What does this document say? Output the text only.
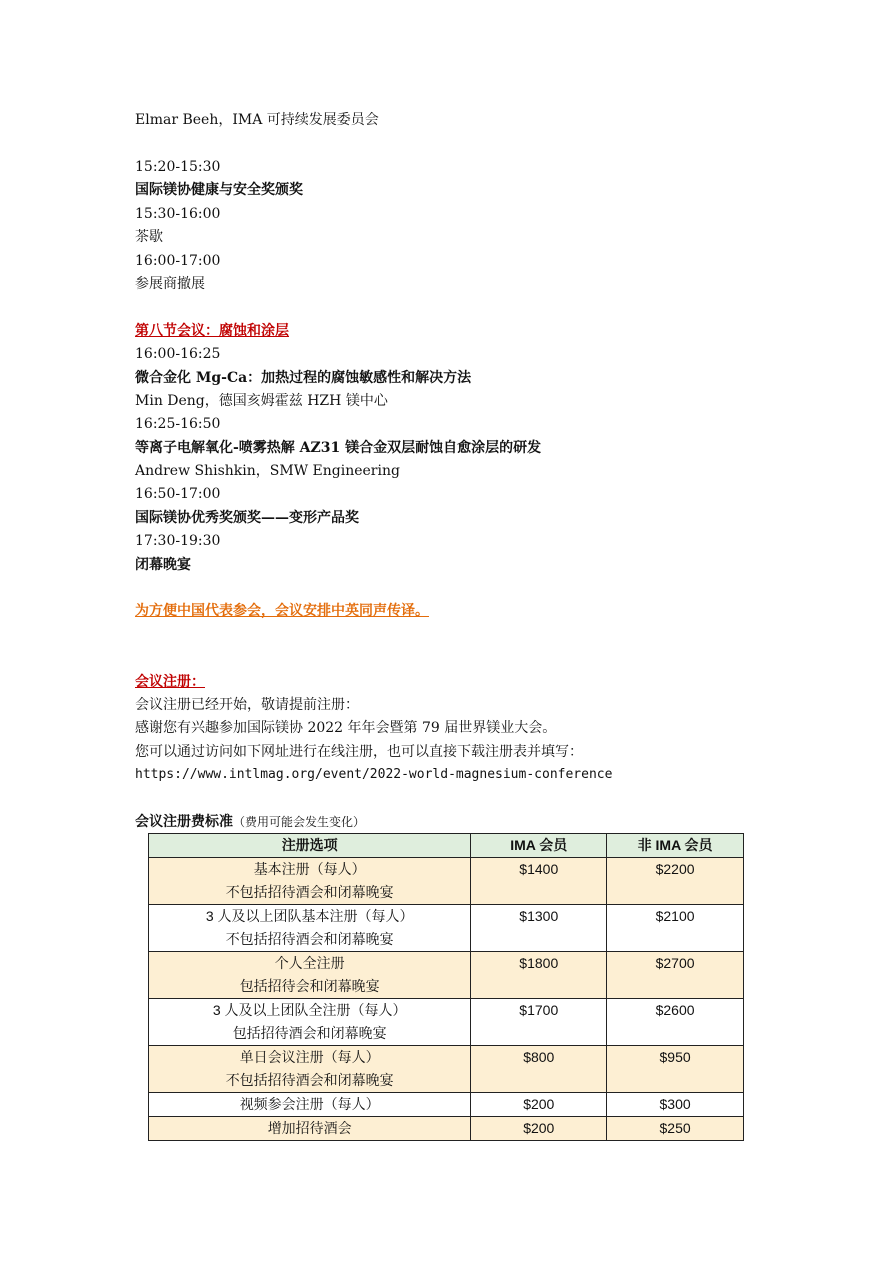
Elmar Beeh，IMA 可持续发展委员会
15:20-15:30
国际镁协健康与安全奖颁奖
15:30-16:00
茶歇
16:00-17:00
参展商撤展
第八节会议：腐蚀和涂层
16:00-16:25
微合金化 Mg-Ca：加热过程的腐蚀敏感性和解决方法
Min Deng，德国亥姆霍兹 HZH 镁中心
16:25-16:50
等离子电解氧化-喷雾热解 AZ31 镁合金双层耐蚀自愈涂层的研发
Andrew Shishkin，SMW Engineering
16:50-17:00
国际镁协优秀奖颁奖——变形产品奖
17:30-19:30
闭幕晚宴
为方便中国代表参会，会议安排中英同声传译。
会议注册：
会议注册已经开始，敬请提前注册：
感谢您有兴趣参加国际镁协 2022 年年会暨第 79 届世界镁业大会。
您可以通过访问如下网址进行在线注册，也可以直接下载注册表并填写：
https://www.intlmag.org/event/2022-world-magnesium-conference
会议注册费标准（费用可能会发生变化）
注册选项	IMA 会员	非 IMA 会员

基本注册（每人）
不包括招待酒会和闭幕晚宴	$1400	$2200

3 人及以上团队基本注册（每人）
不包括招待酒会和闭幕晚宴	$1300	$2100

个人全注册
包括招待会和闭幕晚宴	$1800	$2700

3 人及以上团队全注册（每人）
包括招待酒会和闭幕晚宴	$1700	$2600

单日会议注册（每人）
不包括招待酒会和闭幕晚宴	$800	$950

视频参会注册（每人）	$200	$300

增加招待酒会	$200	$250
